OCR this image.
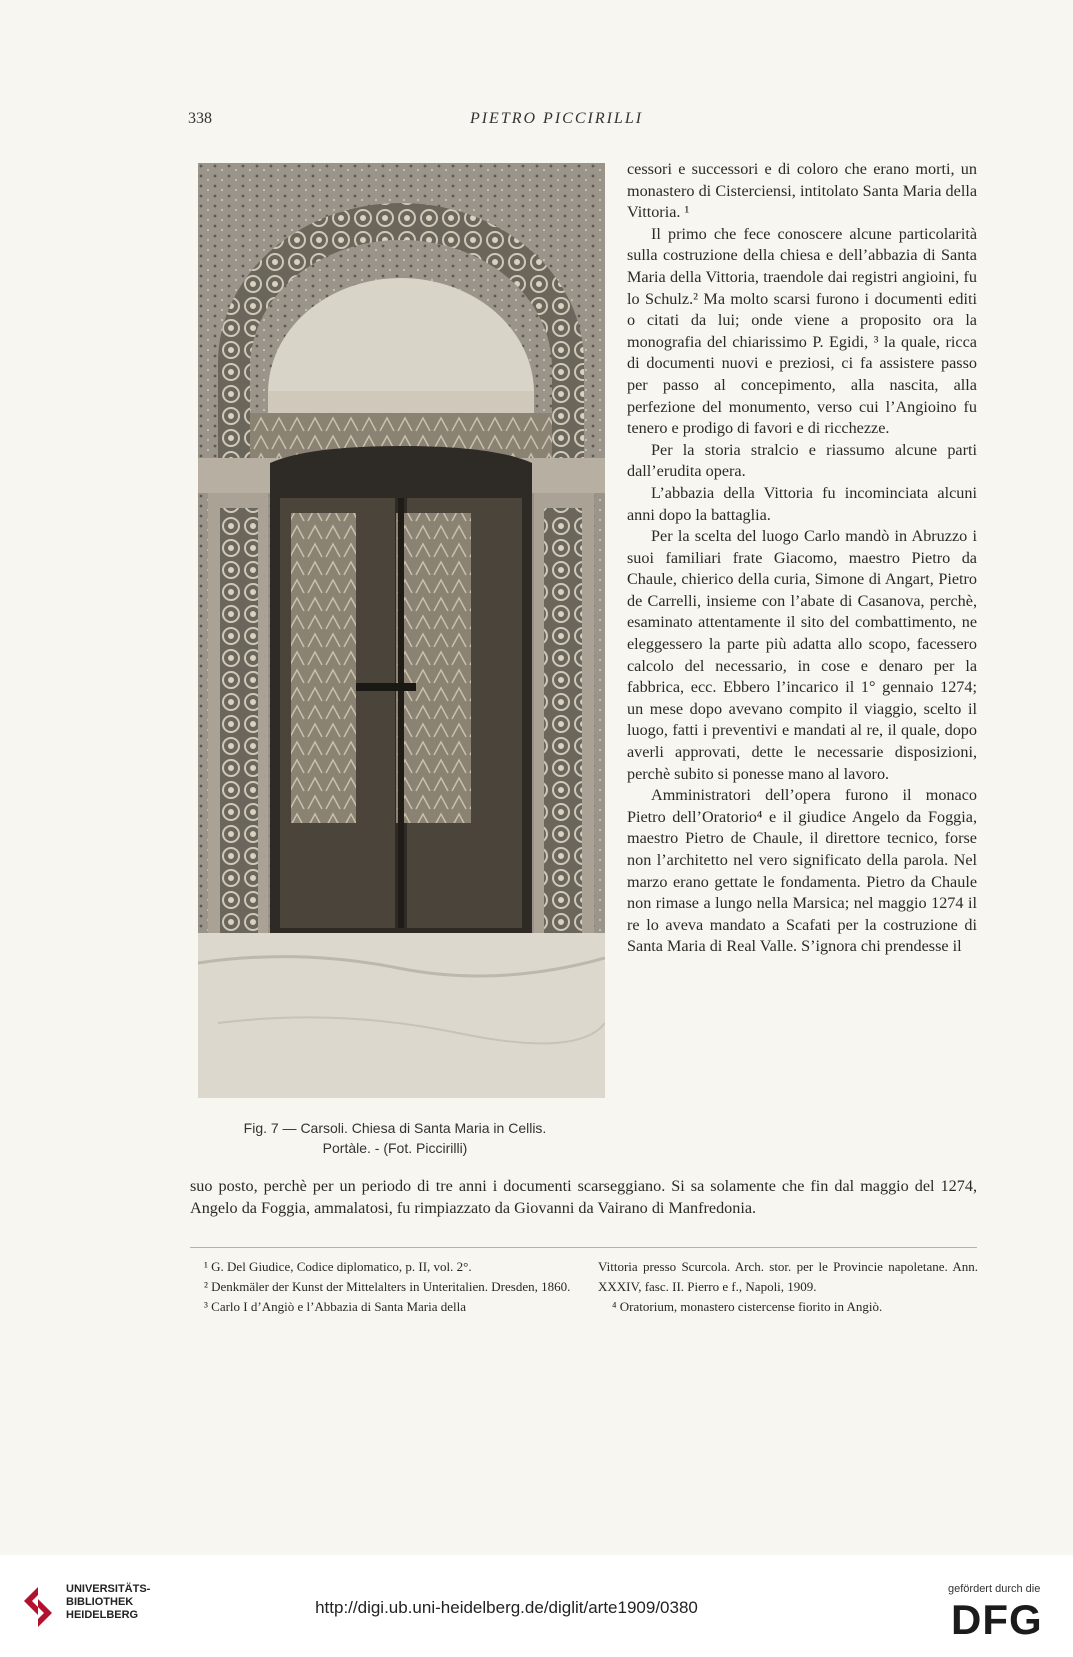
338	PIETRO PICCIRILLI
Fig. 7 — Carsoli. Chiesa di Santa Maria in Cellis.
Portàle. - (Fot. Piccirilli)

cessori e successori e di coloro che erano morti, un monastero di Cisterciensi, intitolato Santa Maria della Vittoria. ¹

Il primo che fece conoscere alcune particolarità sulla costruzione della chiesa e dell’abbazia di Santa Maria della Vittoria, traendole dai registri angioini, fu lo Schulz.² Ma molto scarsi furono i documenti editi o citati da lui; onde viene a proposito ora la monografia del chiarissimo P. Egidi, ³ la quale, ricca di documenti nuovi e preziosi, ci fa assistere passo per passo al concepimento, alla nascita, alla perfezione del monumento, verso cui l’Angioino fu tenero e prodigo di favori e di ricchezze.

Per la storia stralcio e riassumo alcune parti dall’erudita opera.

L’abbazia della Vittoria fu incominciata alcuni anni dopo la battaglia.

Per la scelta del luogo Carlo mandò in Abruzzo i suoi familiari frate Giacomo, maestro Pietro da Chaule, chierico della curia, Simone di Angart, Pietro de Carrelli, insieme con l’abate di Casanova, perchè, esaminato attentamente il sito del combattimento, ne eleggessero la parte più adatta allo scopo, facessero calcolo del necessario, in cose e denaro per la fabbrica, ecc. Ebbero l’incarico il 1° gennaio 1274; un mese dopo avevano compito il viaggio, scelto il luogo, fatti i preventivi e mandati al re, il quale, dopo averli approvati, dette le necessarie disposizioni, perchè subito si ponesse mano al lavoro.

Amministratori dell’opera furono il monaco Pietro dell’Oratorio⁴ e il giudice Angelo da Foggia, maestro Pietro de Chaule, il direttore tecnico, forse non l’architetto nel vero significato della parola. Nel marzo erano gettate le fondamenta. Pietro da Chaule non rimase a lungo nella Marsica; nel maggio 1274 il re lo aveva mandato a Scafati per la costruzione di Santa Maria di Real Valle. S’ignora chi prendesse il

suo posto, perchè per un periodo di tre anni i documenti scarseggiano. Si sa solamente che fin dal maggio del 1274, Angelo da Foggia, ammalatosi, fu rimpiazzato da Giovanni da Vairano di Manfredonia.

¹ G. Del Giudice, Codice diplomatico, p. II, vol. 2°.

² Denkmäler der Kunst der Mittelalters in Unteritalien. Dresden, 1860.

³ Carlo I d’Angiò e l’Abbazia di Santa Maria della

Vittoria presso Scurcola. Arch. stor. per le Provincie napoletane. Ann. XXXIV, fasc. II. Pierro e f., Napoli, 1909.

⁴ Oratorium, monastero cistercense fiorito in Angiò.

UNIVERSITÄTS-
BIBLIOTHEK
HEIDELBERG	http://digi.ub.uni-heidelberg.de/diglit/arte1909/0380
gefördert durch die
DFG
